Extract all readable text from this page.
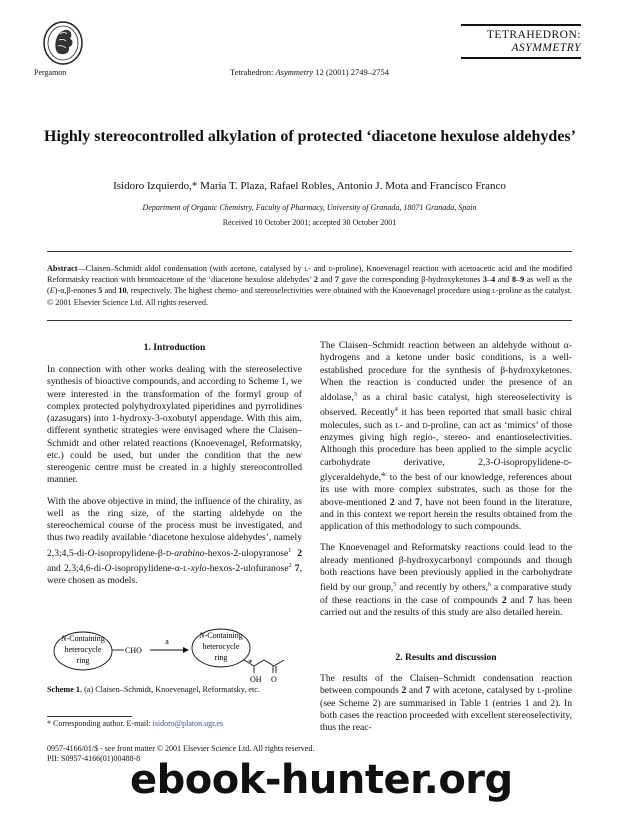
Pergamon	Tetrahedron: Asymmetry 12 (2001) 2749–2754
TETRAHEDRON:
ASYMMETRY
Highly stereocontrolled alkylation of protected ‘diacetone hexulose aldehydes’
Isidoro Izquierdo,* María T. Plaza, Rafael Robles, Antonio J. Mota and Francisco Franco
Department of Organic Chemistry, Faculty of Pharmacy, University of Granada, 18071 Granada, Spain
Received 10 October 2001; accepted 30 October 2001
Abstract—Claisen–Schmidt aldol condensation (with acetone, catalysed by l- and d-proline), Knoevenagel reaction with acetoacetic acid and the modified Reformatsky reaction with bromoacetone of the ‘diacetone hexulose aldehydes’ 2 and 7 gave the corresponding β-hydroxyketones 3–4 and 8–9 as well as the (E)-α,β-enones 5 and 10, respectively. The highest chemo- and stereoselectivities were obtained with the Knoevenagel procedure using l-proline as the catalyst. © 2001 Elsevier Science Ltd. All rights reserved.
1. Introduction

In connection with other works dealing with the stereoselective synthesis of bioactive compounds, and according to Scheme 1, we were interested in the transformation of the formyl group of complex protected polyhydroxylated piperidines and pyrrolidines (azasugars) into 1-hydroxy-3-oxobutyl appendage. With this aim, different synthetic strategies were envisaged where the Claisen–Schmidt and other related reactions (Knoevenagel, Reformatsky, etc.) could be used, but under the condition that the new stereogenic centre must be created in a highly stereocontrolled manner.

With the above objective in mind, the influence of the chirality, as well as the ring size, of the starting aldehyde on the stereochemical course of the process must be investigated, and thus two readily available ‘diacetone hexulose aldehydes’, namely 2,3;4,5-di-O-isopropylidene-β-d-arabino-hexos-2-ulopyranose$^1$ 2 and 2,3;4,6-di-O-isopropylidene-α-l-xylo-hexos-2-ulofuranose$^2$ 7, were chosen as models.

N-Containing
heterocycle
ring
CHO
a
N-Containing
heterocycle
ring
OH O
*
Scheme 1. (a) Claisen–Schmidt, Knoevenagel, Reformatsky, etc.
* Corresponding author. E-mail: isidoro@platon.ugr.es

The Claisen–Schmidt reaction between an aldehyde without α-hydrogens and a ketone under basic conditions, is a well-established procedure for the synthesis of β-hydroxyketones. When the reaction is conducted under the presence of an aldolase,$^3$ as a chiral basic catalyst, high stereoselectivity is observed. Recently$^4$ it has been reported that small basic chiral molecules, such as l- and d-proline, can act as ‘mimics’ of those enzymes giving high regio-, stereo- and enantioselectivities. Although this procedure has been applied to the simple acyclic carbohydrate derivative, 2,3-O-isopropylidene-d-glyceraldehyde,$^{4c}$ to the best of our knowledge, references about its use with more complex substrates, such as those for the above-mentioned 2 and 7, have not been found in the literature, and in this context we report herein the results obtained from the application of this methodology to such compounds.

The Knoevenagel and Reformatsky reactions could lead to the already mentioned β-hydroxycarbonyl compounds and though both reactions have been previously applied in the carbohydrate field by our group,$^5$ and recently by others,$^6$ a comparative study of these reactions in the case of compounds 2 and 7 has been carried out and the results of this study are also detailed herein.

2. Results and discussion

The results of the Claisen–Schmidt condensation reaction between compounds 2 and 7 with acetone, catalysed by l-proline (see Scheme 2) are summarised in Table 1 (entries 1 and 2). In both cases the reaction proceeded with excellent stereoselectivity, thus the reac-

0957-4166/01/$ - see front matter © 2001 Elsevier Science Ltd. All rights reserved.
PII: S0957-4166(01)00488-8
ebook-hunter.org
